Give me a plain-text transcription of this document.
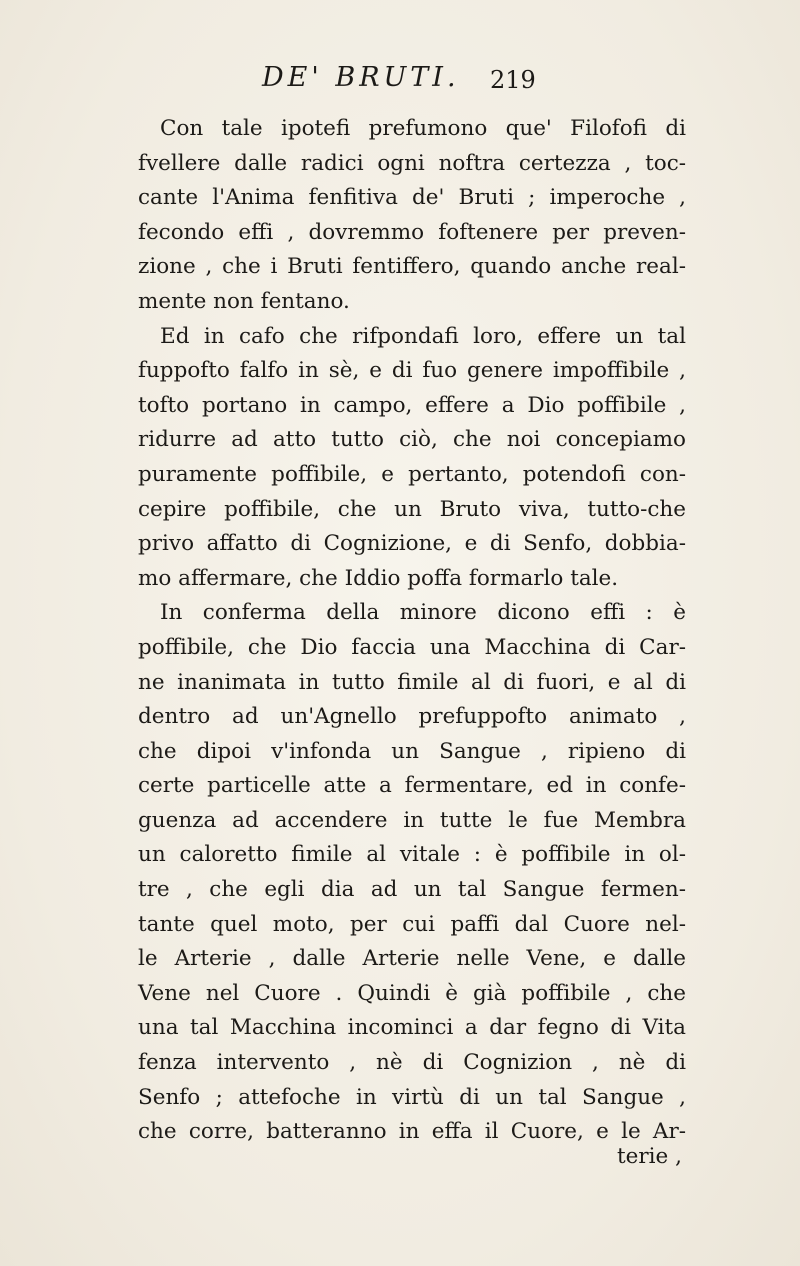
DE' BRUTI. 219
Con tale ipotefi prefumono que' Filofofi di
fvellere dalle radici ogni noftra certezza , toc-
cante l'Anima fenfitiva de' Bruti ; imperoche ,
fecondo effi , dovremmo foftenere per preven-
zione , che i Bruti fentiffero, quando anche real-
mente non fentano.
Ed in cafo che rifpondafi loro, effere un tal
fuppofto falfo in sè, e di fuo genere impoffibile ,
tofto portano in campo, effere a Dio poffibile ,
ridurre ad atto tutto ciò, che noi concepiamo
puramente poffibile, e pertanto, potendofi con-
cepire poffibile, che un Bruto viva, tutto-che
privo affatto di Cognizione, e di Senfo, dobbia-
mo affermare, che Iddio poffa formarlo tale.
In conferma della minore dicono effi : è
poffibile, che Dio faccia una Macchina di Car-
ne inanimata in tutto fimile al di fuori, e al di
dentro ad un'Agnello prefuppofto animato ,
che dipoi v'infonda un Sangue , ripieno di
certe particelle atte a fermentare, ed in confe-
guenza ad accendere in tutte le fue Membra
un caloretto fimile al vitale : è poffibile in ol-
tre , che egli dia ad un tal Sangue fermen-
tante quel moto, per cui paffi dal Cuore nel-
le Arterie , dalle Arterie nelle Vene, e dalle
Vene nel Cuore . Quindi è già poffibile , che
una tal Macchina incominci a dar fegno di Vita
fenza intervento , nè di Cognizion , nè di
Senfo ; attefoche in virtù di un tal Sangue ,
che corre, batteranno in effa il Cuore, e le Ar-
terie ,
